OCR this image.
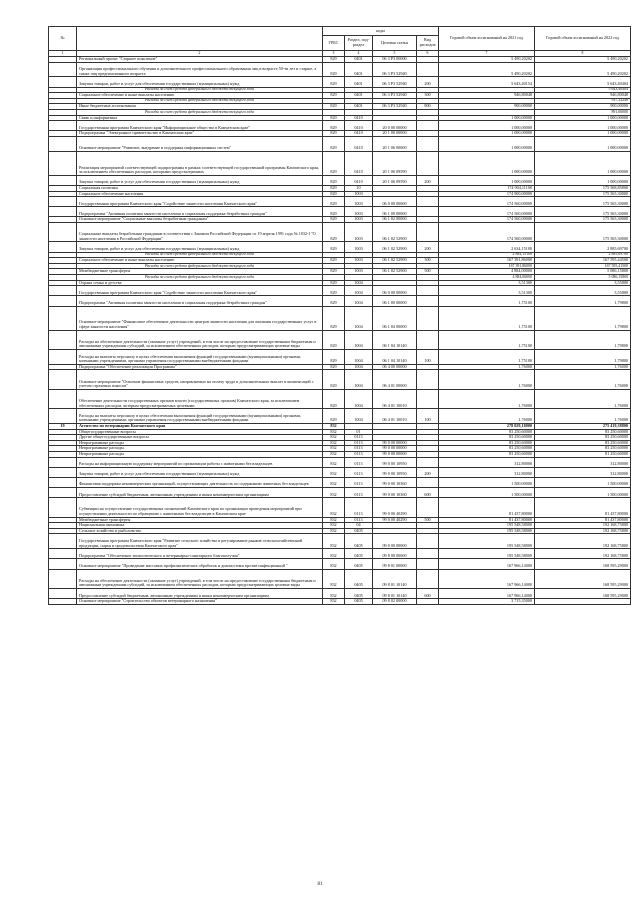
№		коды				Годовой объем ассигнований на 2021 год	Годовой объем ассигнований на 2022 год
		ГРБС	Раздел, под-раздел	Целевая статья	Вид расходов		
1	2	3	4	5	6	7	8
	Региональный проект "Старшее поколение"	829	0401	06 3 P3 00000		5 490,20202	5 490,20202
	Организация профессионального обучения и дополнительного профессионального образования лиц в возрасте 50-ти лет и старше, а также лиц предпенсионного возраста	829	0401	06 3 P3 52940		5 490,20202	5 490,20202
	Закупка товаров, работ и услуг для обеспечения государственных (муниципальных) нужд	829	0401	06 3 P3 52940	200	5 643,40154	5 643,40404
	Расходы за счет средств федерального бюджета текущего года						5 643,40404
	Социальное обеспечение и иные выплаты населению	829	0401	06 3 P3 52940	300	946,80048	946,80048
	Расходы за счет средств федерального бюджета текущего года						937,33248
	Иные бюджетные ассигнования	829	0401	06 3 P3 52940	800	900,00000	900,00000
	Расходы за счет средств федерального бюджета текущего года						891,00000
	Связь и информатика	829	0410			1 000,00000	1 000,00000
	Государственная программа Камчатского края "Информационное общество в Камчатском крае"	829	0410	20 0 00 00000		1 000,00000	1 000,00000
	Подпрограмма "Электронное правительство в Камчатском крае"	829	0410	20 1 00 00000		1 000,00000	1 000,00000
	Основное мероприятие "Развитие, внедрение и поддержка информационных систем"	829	0410	20 1 06 00000		1 000,00000	1 000,00000
	Реализация мероприятий соответствующей подпрограммы в рамках соответствующей государственной программы Камчатского края, за исключением обеспеченных расходов, которыми предусмотренных	829	0410	20 1 06 09590		1 000,00000	1 000,00000
	Закупка товаров, работ и услуг для обеспечения государственных (муниципальных) нужд	829	0410	20 1 06 09590	200	1 000,00000	1 000,00000
	Социальная политика	829	10			174 904,11100	175 568,85800
	Социальное обеспечение населения	829	1003			174 900,00000	175 565,30000
	Государственная программа Камчатского края "Содействие занятости населения Камчатского края"	829	1003	06 0 00 00000		174 560,00000	175 565,30000
	Подпрограмма "Активная политика занятости населения и социальная поддержка безработных граждан"	829	1003	06 1 00 00000		174 560,00000	175 565,30000
	Основное мероприятие "Социальные выплаты безработным гражданам"	829	1003	06 1 02 00000		174 560,00000	175 565,30000
	Социальные выплаты безработным гражданам в соответствии с Законом Российской Федерации от 19 апреля 1991 года № 1032-I "О занятости населения в Российской Федерации"	829	1003	06 1 02 52900		174 560,00000	175 565,30000
	Закупка товаров, работ и услуг для обеспечения государственных (муниципальных) нужд	829	1003	06 1 02 52900	200	2 634,15100	2 885,69700
	Расходы за счет средств федерального бюджета текущего года					2 884,15100	2 885,69700
	Социальное обеспечение и иные выплаты населению	829	1003	06 1 02 52900	300	167 391,86000	167 595,44500
	Расходы за счет средств федерального бюджета текущего года					167 391,86000	167 595,41500
	Межбюджетные трансферты	829	1003	06 1 02 52900	500	4 884,00000	5 086,15800
	Расходы за счет средств федерального бюджета текущего года					4 884,00000	5 086,15800
	Охрана семьи и детства	829	1004			3,51300	3,55800
	Государственная программа Камчатского края "Содействие занятости населения Камчатского края"	829	1004	06 0 00 00000		3,51300	3,55800
	Подпрограмма "Активная политика занятости населения и социальная поддержка безработных граждан"	829	1004	06 1 00 00000		1,75100	1,79800
	Основное мероприятие "Финансовое обеспечение деятельности центров занятости населения для оказания государственных услуг в сфере занятости населения"	829	1004	06 1 04 00000		1,75100	1,79800
	Расходы на обеспечение деятельности (оказание услуг) учреждений, в том числе на предоставление государственным бюджетным и автономным учреждениям субсидий, за исключением обеспеченных расходов, которым предусматривающих целевые виды	829	1004	06 1 04 10140		1,75100	1,79800
	Расходы на выплаты персоналу в целях обеспечения выполнения функций государственными (муниципальными) органами, казенными учреждениями, органами управления государственными внебюджетными фондами	829	1004	06 1 04 10140	100	1,75100	1,79800
	Подпрограмма "Обеспечение реализации Программы"	829	1004	06 4 00 00000		1,76000	1,76000
	Основное мероприятие "Освоение финансовых средств, направляемых на оплату труда и дополнительных выплат и компенсаций с учетом страховых взносов"	829	1004	06 4 01 00000		1,76000	1,76000
	Обеспечение деятельности государственных органов власти (государственных органов) Камчатского края, за исключением обеспеченных расходов, которым предусматриваемых целевыми	829	1004	06 4 01 10010		1,76000	1,76000
	Расходы на выплаты персоналу в целях обеспечения выполнения функций государственными (муниципальными) органами, казенными учреждениями, органами управления государственными внебюджетными фондами	829	1004	06 4 01 10010	100	1,76000	1,76000
19	Агентство по ветеринарии Камчатского края	832				278 029,18000	275 419,38800
	Общегосударственные вопросы	832	01			83 250,60000	83 250,60000
	Другие общегосударственные вопросы	832	0113			83 250,60000	83 250,60000
	Непрограммные расходы	832	0113	99 0 00 00000		83 250,60000	83 250,60000
	Непрограммные расходы	832	0113	99 0 00 00000		83 250,60000	83 250,60000
	Непрограммные расходы	832	0113	99 0 00 00000		83 250,60000	81 250,60000
	Расходы на информационную поддержку мероприятий по организации работы с животными без владельцев	832	0113	99 0 00 10950		312,80000	312,80000
	Закупка товаров, работ и услуг для обеспечения государственных (муниципальных) нужд	832	0113	99 0 00 10950	200	312,80000	312,80000
	Финансовая поддержка некоммерческих организаций, осуществляющих деятельность по содержанию животных без владельцев	832	0113	99 0 00 10360		1 500,00000	1 500,00000
	Предоставление субсидий бюджетным, автономным учреждениям и иным некоммерческим организациям	832	0113	99 0 00 10360	600	1 500,00000	1 500,00000
	Субвенции на осуществление государственных полномочий Камчатского края по организации проведения мероприятий при осуществлении деятельности по обращению с животными без владельцев в Камчатском крае	832	0113	99 0 00 40290		81 437,80000	81 437,80000
	Межбюджетные трансферты	832	0113	99 0 00 40290	500	81 437,80000	81 437,80000
	Национальная экономика	832	04			195 548,58000	192 168,75800
	Сельское хозяйство и рыболовство	832	0405			195 548,58000	192 168,75800
	Государственная программа Камчатского края "Развитие сельского хозяйства и регулирование рынков сельскохозяйственной продукции, сырья и продовольствия Камчатского края"	832	0405	09 0 00 00000		195 548,58000	192 168,75800
	Подпрограмма "Обеспечение эпизоотического и ветеринарно-санитарного благополучия"	832	0405	09 8 00 00000		195 548,58000	192 168,75800
	Основное мероприятие "Проведение массовых профилактических обработок и диагностики против инфекционной "	832	0405	09 8 01 00000		167 966,14000	168 595,29000
	Расходы на обеспечение деятельности (оказание услуг) учреждений, в том числе на предоставление государственным бюджетным и автономным учреждениям субсидий, за исключением обеспеченных расходов, которым предусматривающих целевые виды	832	0405	09 8 01 10140		167 966,14000	168 595,29000
	Предоставление субсидий бюджетным, автономным учреждениям и иным некоммерческим организациям	832	0405	09 8 01 10140	600	167 966,14000	168 595,29000
	Основное мероприятие "Строительство объектов ветеринарного назначения"	832	0405	09 8 02 00000		3 715,35000	
81
